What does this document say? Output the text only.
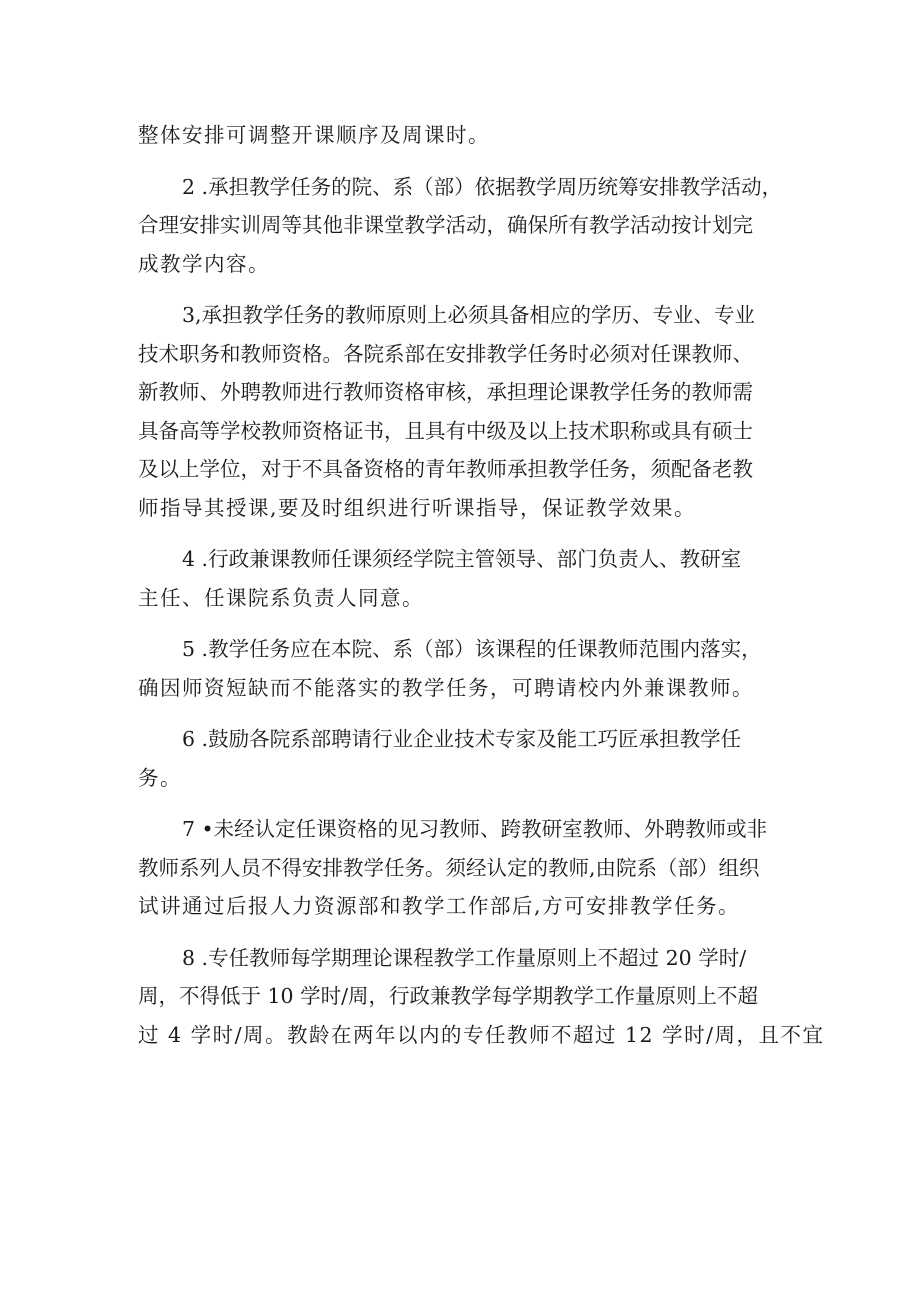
整体安排可调整开课顺序及周课时。

2 .承担教学任务的院、系（部）依据教学周历统筹安排教学活动，
合理安排实训周等其他非课堂教学活动，确保所有教学活动按计划完
成教学内容。

3,承担教学任务的教师原则上必须具备相应的学历、专业、专业
技术职务和教师资格。各院系部在安排教学任务时必须对任课教师、
新教师、外聘教师进行教师资格审核，承担理论课教学任务的教师需
具备高等学校教师资格证书，且具有中级及以上技术职称或具有硕士
及以上学位，对于不具备资格的青年教师承担教学任务，须配备老教
师指导其授课,要及时组织进行听课指导，保证教学效果。

4 .行政兼课教师任课须经学院主管领导、部门负责人、教研室
主任、任课院系负责人同意。

5 .教学任务应在本院、系（部）该课程的任课教师范围内落实，
确因师资短缺而不能落实的教学任务，可聘请校内外兼课教师。

6 .鼓励各院系部聘请行业企业技术专家及能工巧匠承担教学任
务。

7 •未经认定任课资格的见习教师、跨教研室教师、外聘教师或非
教师系列人员不得安排教学任务。须经认定的教师,由院系（部）组织
试讲通过后报人力资源部和教学工作部后,方可安排教学任务。

8 .专任教师每学期理论课程教学工作量原则上不超过 20 学时/
周，不得低于 10 学时/周，行政兼教学每学期教学工作量原则上不超
过 4 学时/周。教龄在两年以内的专任教师不超过 12 学时/周，且不宜
